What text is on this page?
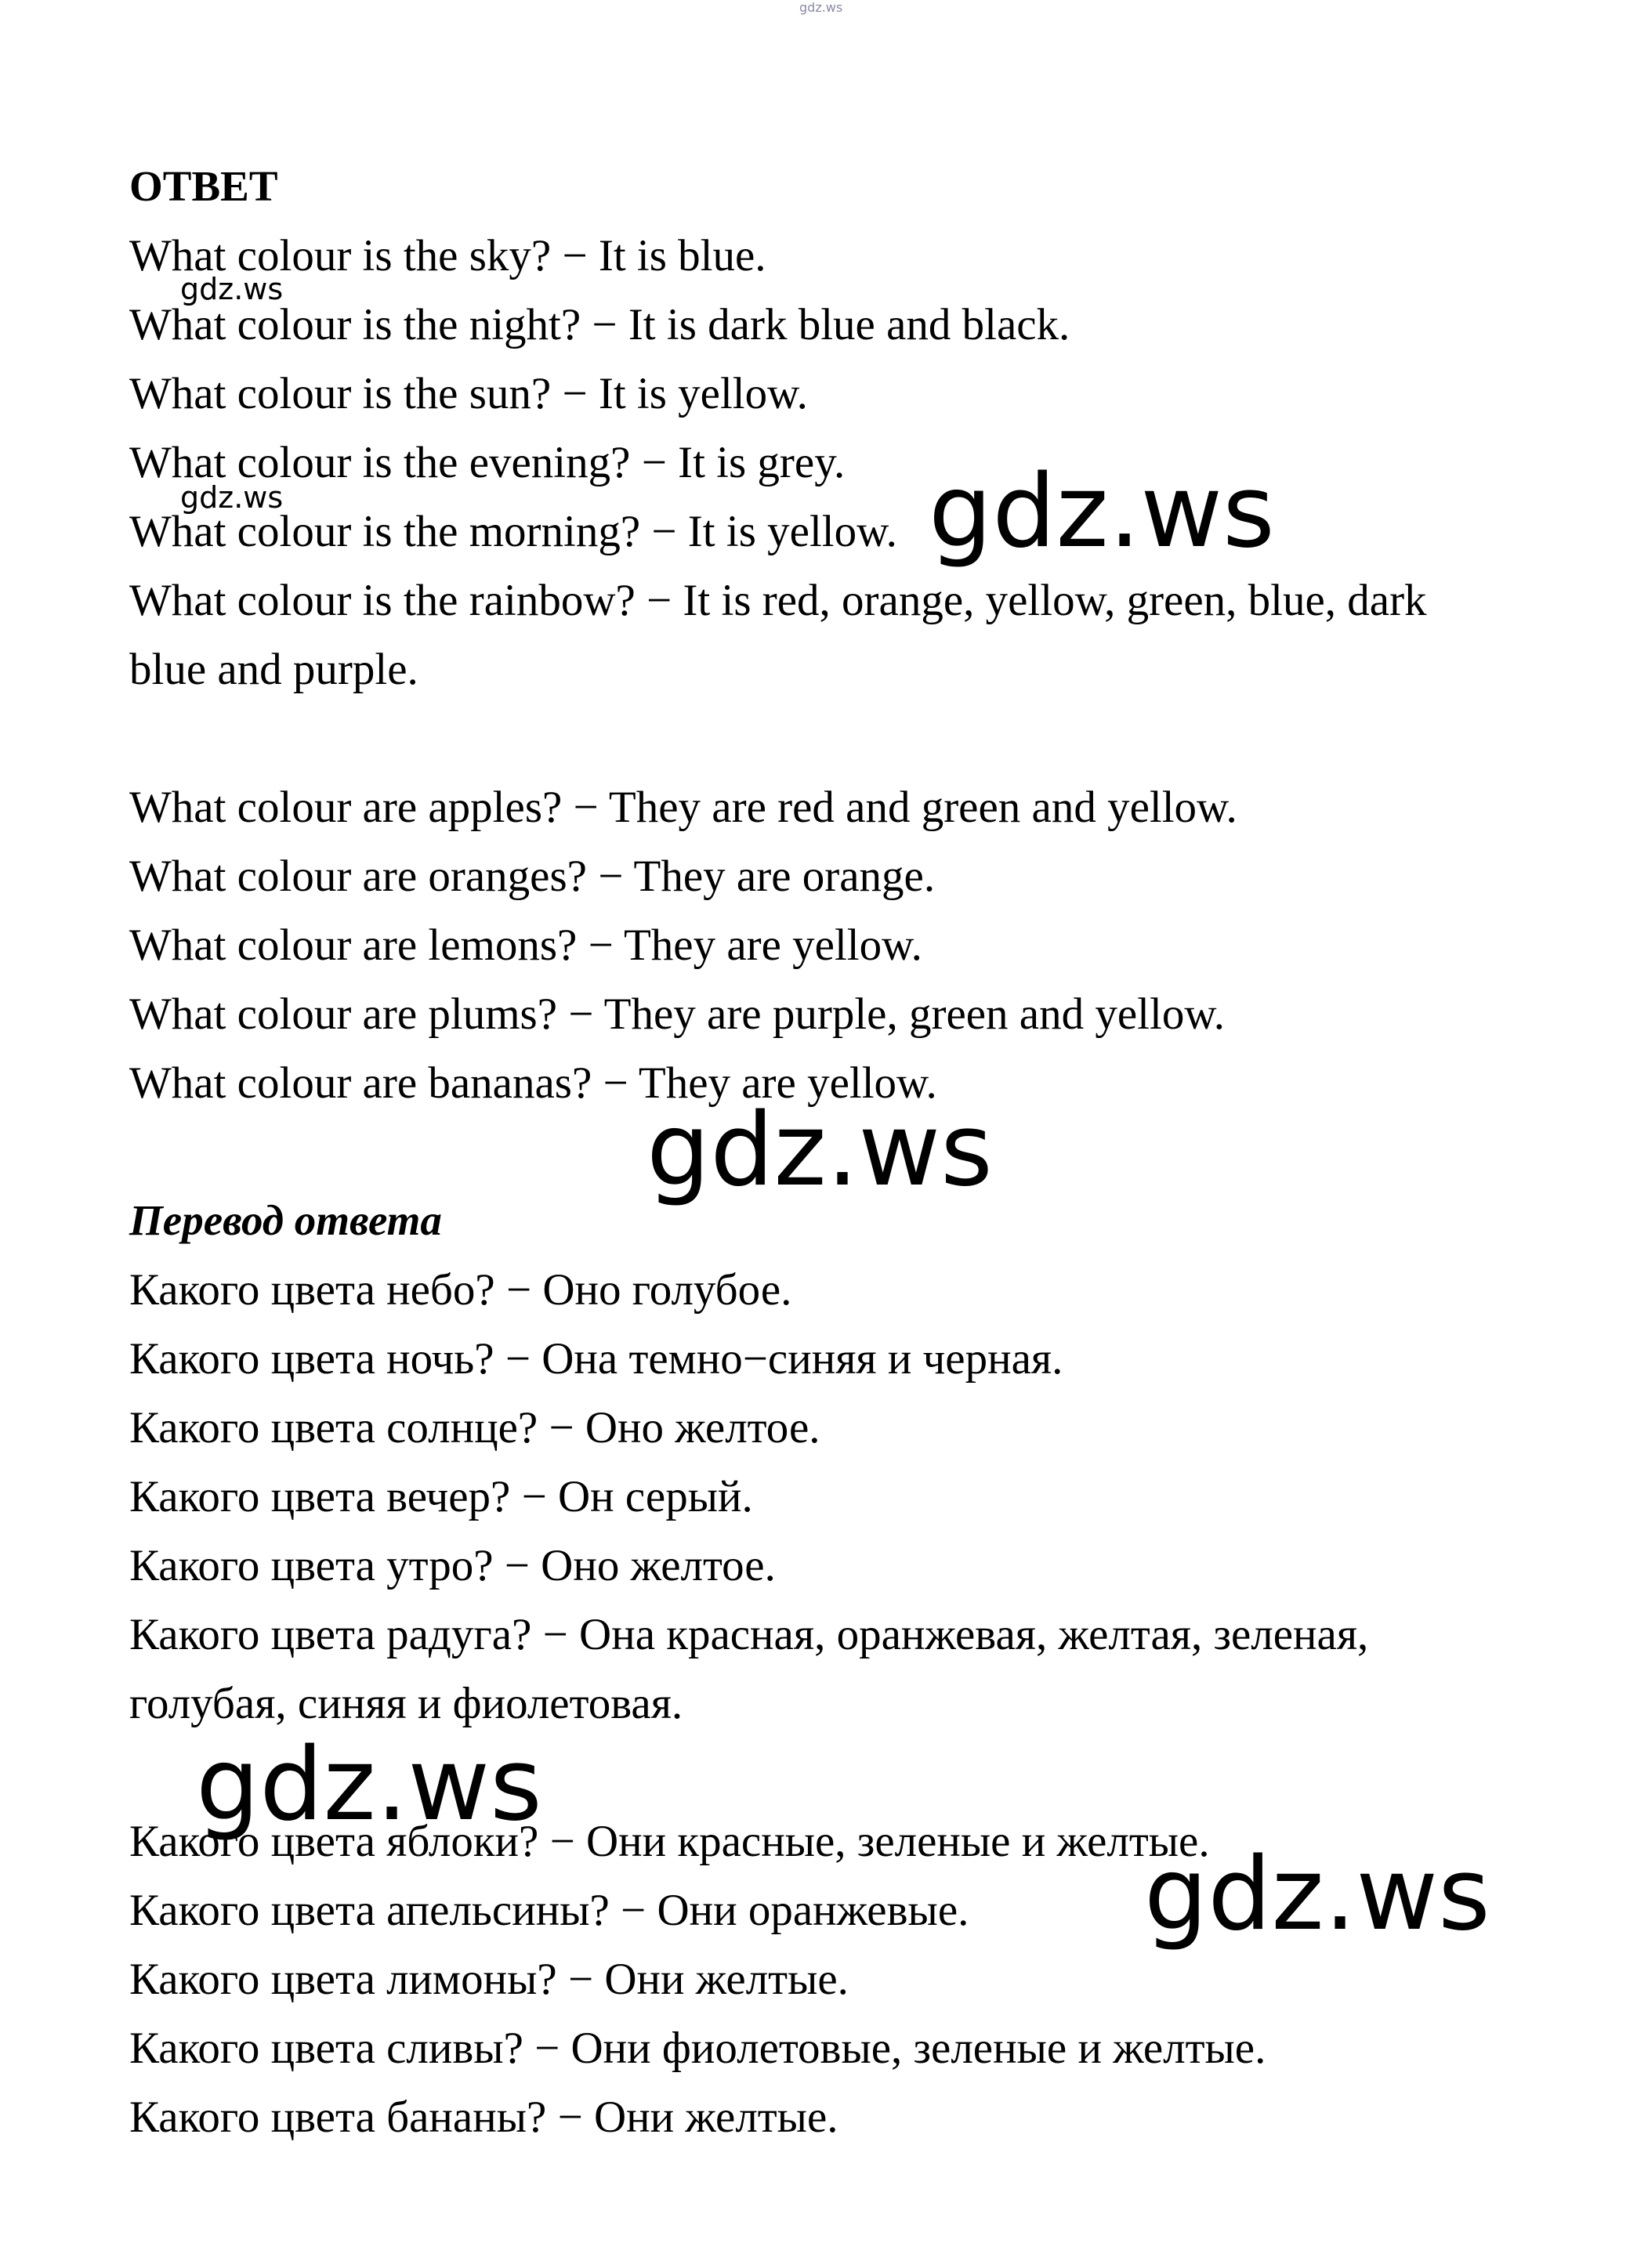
gdz.ws
ОТВЕТ
What colour is the sky? − It is blue.
What colour is the night? − It is dark blue and black.
What colour is the sun? − It is yellow.
What colour is the evening? − It is grey.
What colour is the morning? − It is yellow.
What colour is the rainbow? − It is red, orange, yellow, green, blue, dark
blue and purple.
What colour are apples? − They are red and green and yellow.
What colour are oranges? − They are orange.
What colour are lemons? − They are yellow.
What colour are plums? − They are purple, green and yellow.
What colour are bananas? − They are yellow.
Перевод ответа
Какого цвета небо? − Оно голубое.
Какого цвета ночь? − Она темно−синяя и черная.
Какого цвета солнце? − Оно желтое.
Какого цвета вечер? − Он серый.
Какого цвета утро? − Оно желтое.
Какого цвета радуга? − Она красная, оранжевая, желтая, зеленая,
голубая, синяя и фиолетовая.
Какого цвета яблоки? − Они красные, зеленые и желтые.
Какого цвета апельсины? − Они оранжевые.
Какого цвета лимоны? − Они желтые.
Какого цвета сливы? − Они фиолетовые, зеленые и желтые.
Какого цвета бананы? − Они желтые.
gdz.ws
gdz.ws	gdz.ws
gdz.ws
gdz.ws
gdz.ws
